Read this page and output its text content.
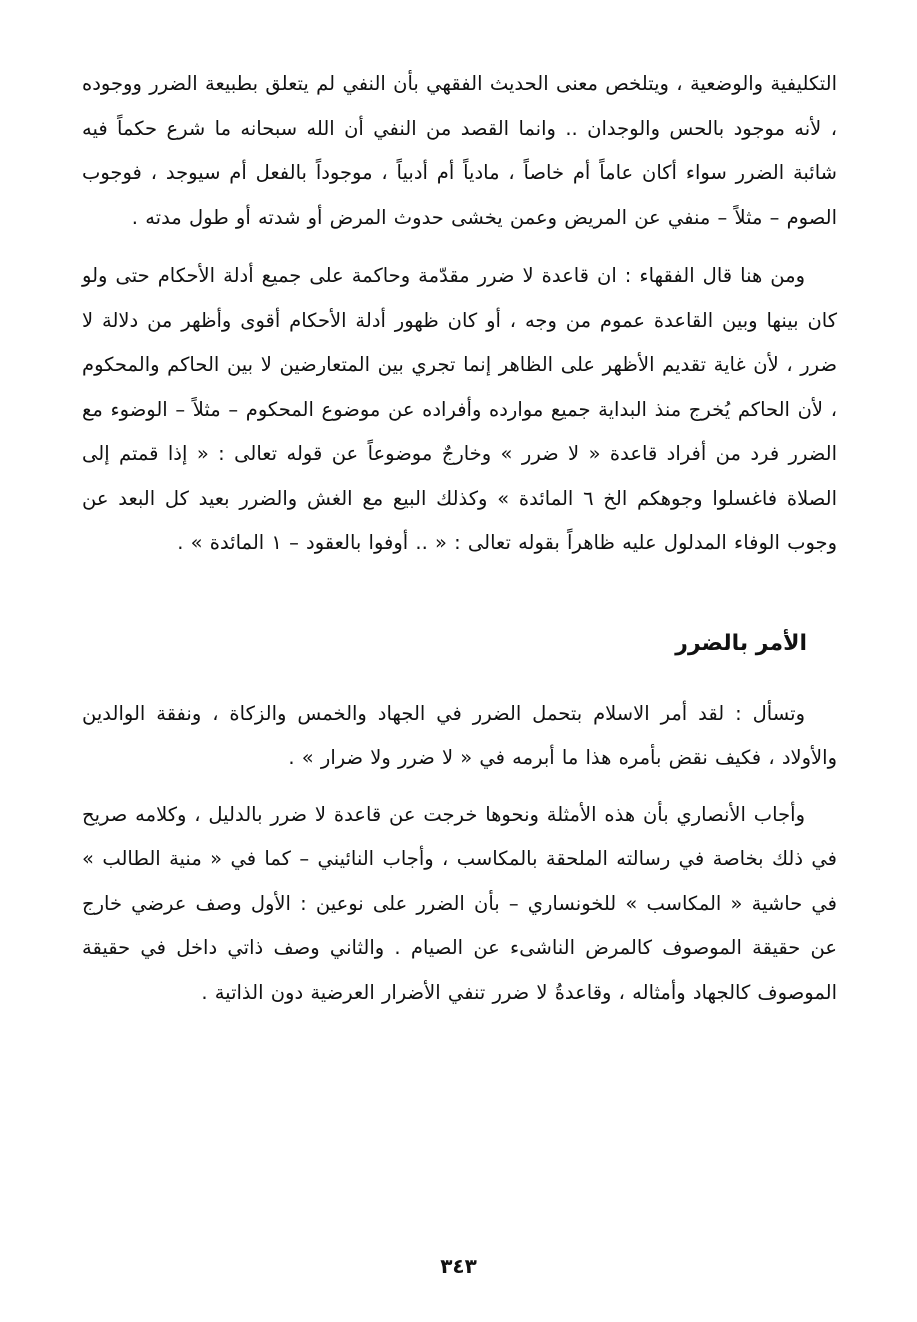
التكليفية والوضعية ، ويتلخص معنى الحديث الفقهي بأن النفي لم يتعلق بطبيعة الضرر ووجوده ، لأنه موجود بالحس والوجدان .. وانما القصد من النفي أن الله سبحانه ما شرع حكماً فيه شائبة الضرر سواء أكان عاماً أم خاصاً ، مادياً أم أدبياً ، موجوداً بالفعل أم سيوجد ، فوجوب الصوم – مثلاً – منفي عن المريض وعمن يخشى حدوث المرض أو شدته أو طول مدته .

ومن هنا قال الفقهاء : ان قاعدة لا ضرر مقدّمة وحاكمة على جميع أدلة الأحكام حتى ولو كان بينها وبين القاعدة عموم من وجه ، أو كان ظهور أدلة الأحكام أقوى وأظهر من دلالة لا ضرر ، لأن غاية تقديم الأظهر على الظاهر إنما تجري بين المتعارضين لا بين الحاكم والمحكوم ، لأن الحاكم يُخرج منذ البداية جميع موارده وأفراده عن موضوع المحكوم – مثلاً – الوضوء مع الضرر فرد من أفراد قاعدة « لا ضرر » وخارجٌ موضوعاً عن قوله تعالى : « إذا قمتم إلى الصلاة فاغسلوا وجوهكم الخ ٦ المائدة » وكذلك البيع مع الغش والضرر بعيد كل البعد عن وجوب الوفاء المدلول عليه ظاهراً بقوله تعالى : « .. أوفوا بالعقود – ١ المائدة » .

الأمر بالضرر

وتسأل : لقد أمر الاسلام بتحمل الضرر في الجهاد والخمس والزكاة ، ونفقة الوالدين والأولاد ، فكيف نقض بأمره هذا ما أبرمه في « لا ضرر ولا ضرار » .

وأجاب الأنصاري بأن هذه الأمثلة ونحوها خرجت عن قاعدة لا ضرر بالدليل ، وكلامه صريح في ذلك بخاصة في رسالته الملحقة بالمكاسب ، وأجاب النائيني – كما في « منية الطالب » في حاشية « المكاسب » للخونساري – بأن الضرر على نوعين : الأول وصف عرضي خارج عن حقيقة الموصوف كالمرض الناشىء عن الصيام . والثاني وصف ذاتي داخل في حقيقة الموصوف كالجهاد وأمثاله ، وقاعدةُ لا ضرر تنفي الأضرار العرضية دون الذاتية .

٣٤٣
